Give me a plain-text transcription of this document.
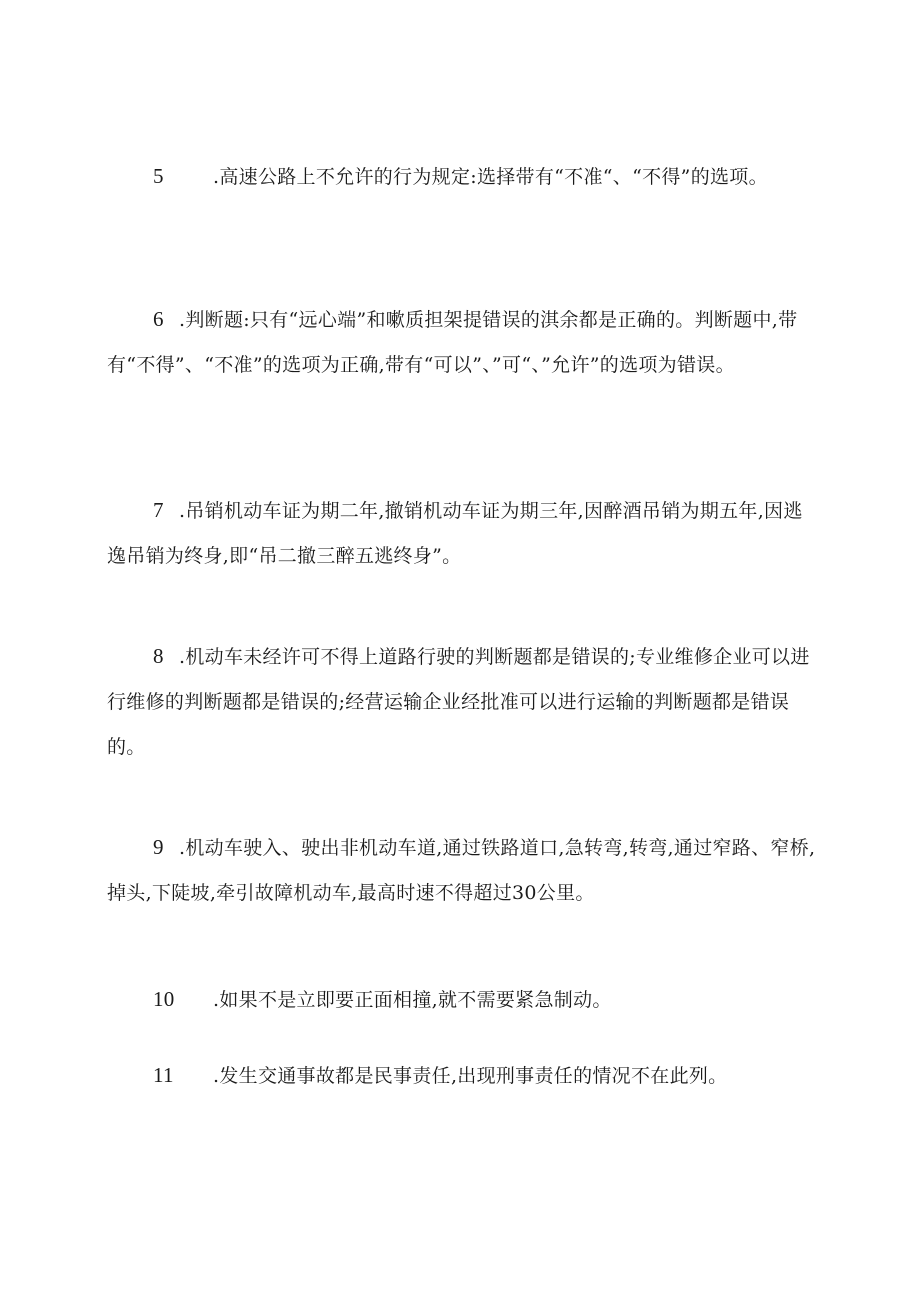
5	.高速公路上不允许的行为规定:选择带有“不准“、“不得”的选项。

6 .判断题:只有“远心端”和嗽质担架提错误的淇余都是正确的。判断题中,带有“不得”、“不准”的选项为正确,带有“可以”、”可“、”允许”的选项为错误。

7 .吊销机动车证为期二年,撤销机动车证为期三年,因醉酒吊销为期五年,因逃逸吊销为终身,即“吊二撤三醉五逃终身”。

8 .机动车未经许可不得上道路行驶的判断题都是错误的;专业维修企业可以进行维修的判断题都是错误的;经营运输企业经批准可以进行运输的判断题都是错误的。

9 .机动车驶入、驶出非机动车道,通过铁路道口,急转弯,转弯,通过窄路、窄桥,掉头,下陡坡,牵引故障机动车,最高时速不得超过30公里。

10 .如果不是立即要正面相撞,就不需要紧急制动。

11 .发生交通事故都是民事责任,出现刑事责任的情况不在此列。
